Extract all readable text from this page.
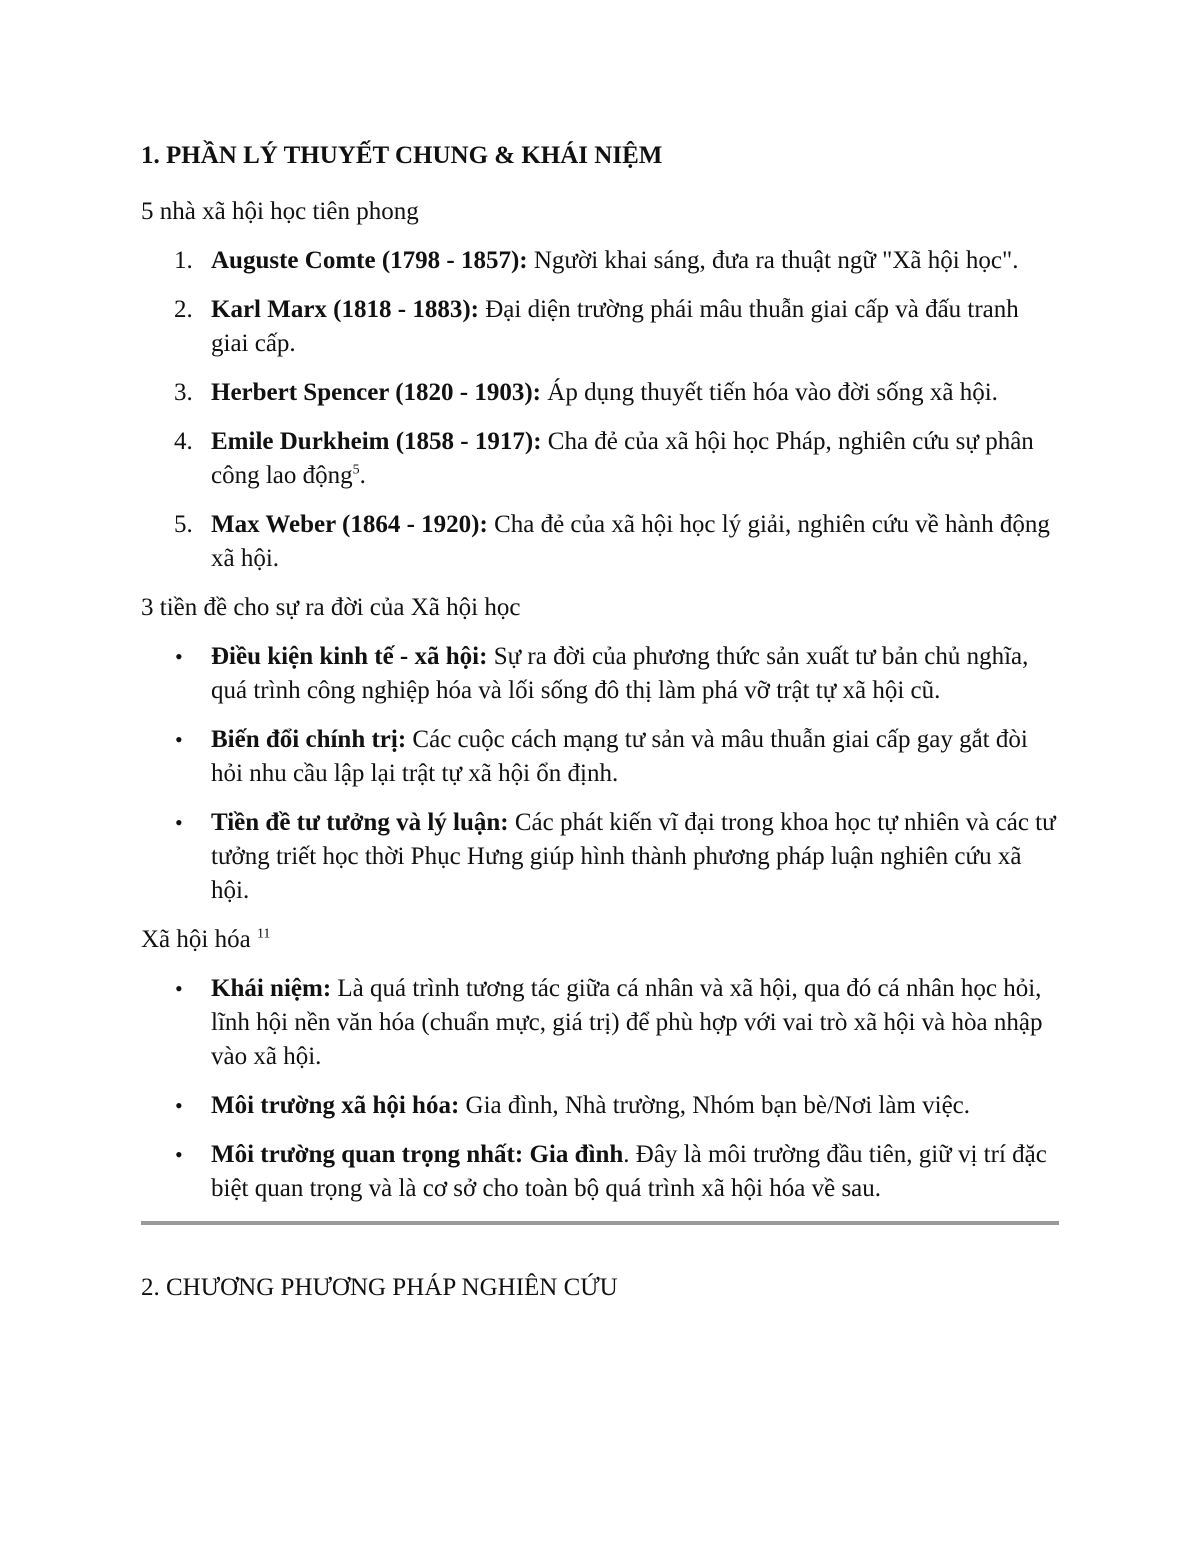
1. PHẦN LÝ THUYẾT CHUNG & KHÁI NIỆM
5 nhà xã hội học tiên phong
1. Auguste Comte (1798 - 1857): Người khai sáng, đưa ra thuật ngữ "Xã hội học".
2. Karl Marx (1818 - 1883): Đại diện trường phái mâu thuẫn giai cấp và đấu tranh giai cấp.
3. Herbert Spencer (1820 - 1903): Áp dụng thuyết tiến hóa vào đời sống xã hội.
4. Emile Durkheim (1858 - 1917): Cha đẻ của xã hội học Pháp, nghiên cứu sự phân công lao động$^5$.
5. Max Weber (1864 - 1920): Cha đẻ của xã hội học lý giải, nghiên cứu về hành động xã hội.
3 tiền đề cho sự ra đời của Xã hội học
• Điều kiện kinh tế - xã hội: Sự ra đời của phương thức sản xuất tư bản chủ nghĩa, quá trình công nghiệp hóa và lối sống đô thị làm phá vỡ trật tự xã hội cũ.
• Biến đổi chính trị: Các cuộc cách mạng tư sản và mâu thuẫn giai cấp gay gắt đòi hỏi nhu cầu lập lại trật tự xã hội ổn định.
• Tiền đề tư tưởng và lý luận: Các phát kiến vĩ đại trong khoa học tự nhiên và các tư tưởng triết học thời Phục Hưng giúp hình thành phương pháp luận nghiên cứu xã hội.
Xã hội hóa $^{11}$
• Khái niệm: Là quá trình tương tác giữa cá nhân và xã hội, qua đó cá nhân học hỏi, lĩnh hội nền văn hóa (chuẩn mực, giá trị) để phù hợp với vai trò xã hội và hòa nhập vào xã hội.
• Môi trường xã hội hóa: Gia đình, Nhà trường, Nhóm bạn bè/Nơi làm việc.
• Môi trường quan trọng nhất: Gia đình. Đây là môi trường đầu tiên, giữ vị trí đặc biệt quan trọng và là cơ sở cho toàn bộ quá trình xã hội hóa về sau.
2. CHƯƠNG PHƯƠNG PHÁP NGHIÊN CỨU
